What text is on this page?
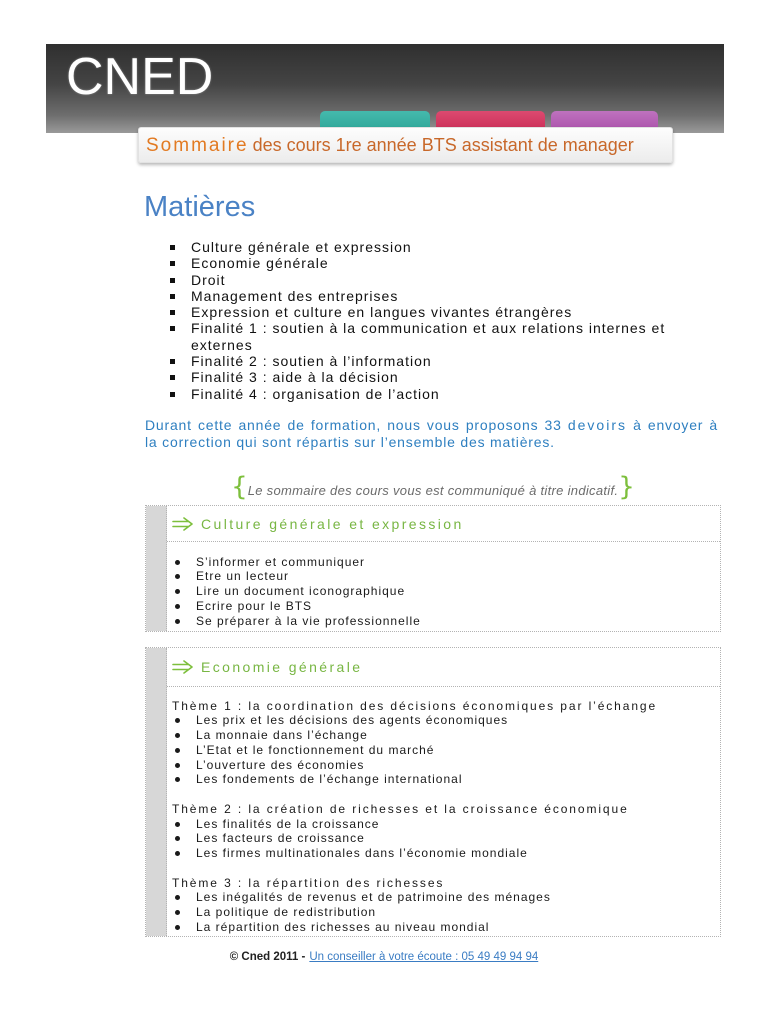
CNED
Sommaire des cours 1re année BTS assistant de manager
Matières
Culture générale et expression
Economie générale
Droit
Management des entreprises
Expression et culture en langues vivantes étrangères
Finalité 1 : soutien à la communication et aux relations internes et externes
Finalité 2 : soutien à l’information
Finalité 3 : aide à la décision
Finalité 4 : organisation de l’action
Durant cette année de formation, nous vous proposons 33 devoirs à envoyer à
la correction qui sont répartis sur l’ensemble des matières.
{Le sommaire des cours vous est communiqué à titre indicatif.}
Culture générale et expression
S’informer et communiquer
Etre un lecteur
Lire un document iconographique
Ecrire pour le BTS
Se préparer à la vie professionnelle
Economie générale
Thème 1 : la coordination des décisions économiques par l’échange
Les prix et les décisions des agents économiques
La monnaie dans l’échange
L’Etat et le fonctionnement du marché
L’ouverture des économies
Les fondements de l’échange international
Thème 2 : la création de richesses et la croissance économique
Les finalités de la croissance
Les facteurs de croissance
Les firmes multinationales dans l’économie mondiale
Thème 3 : la répartition des richesses
Les inégalités de revenus et de patrimoine des ménages
La politique de redistribution
La répartition des richesses au niveau mondial
© Cned 2011 - Un conseiller à votre écoute : 05 49 49 94 94
